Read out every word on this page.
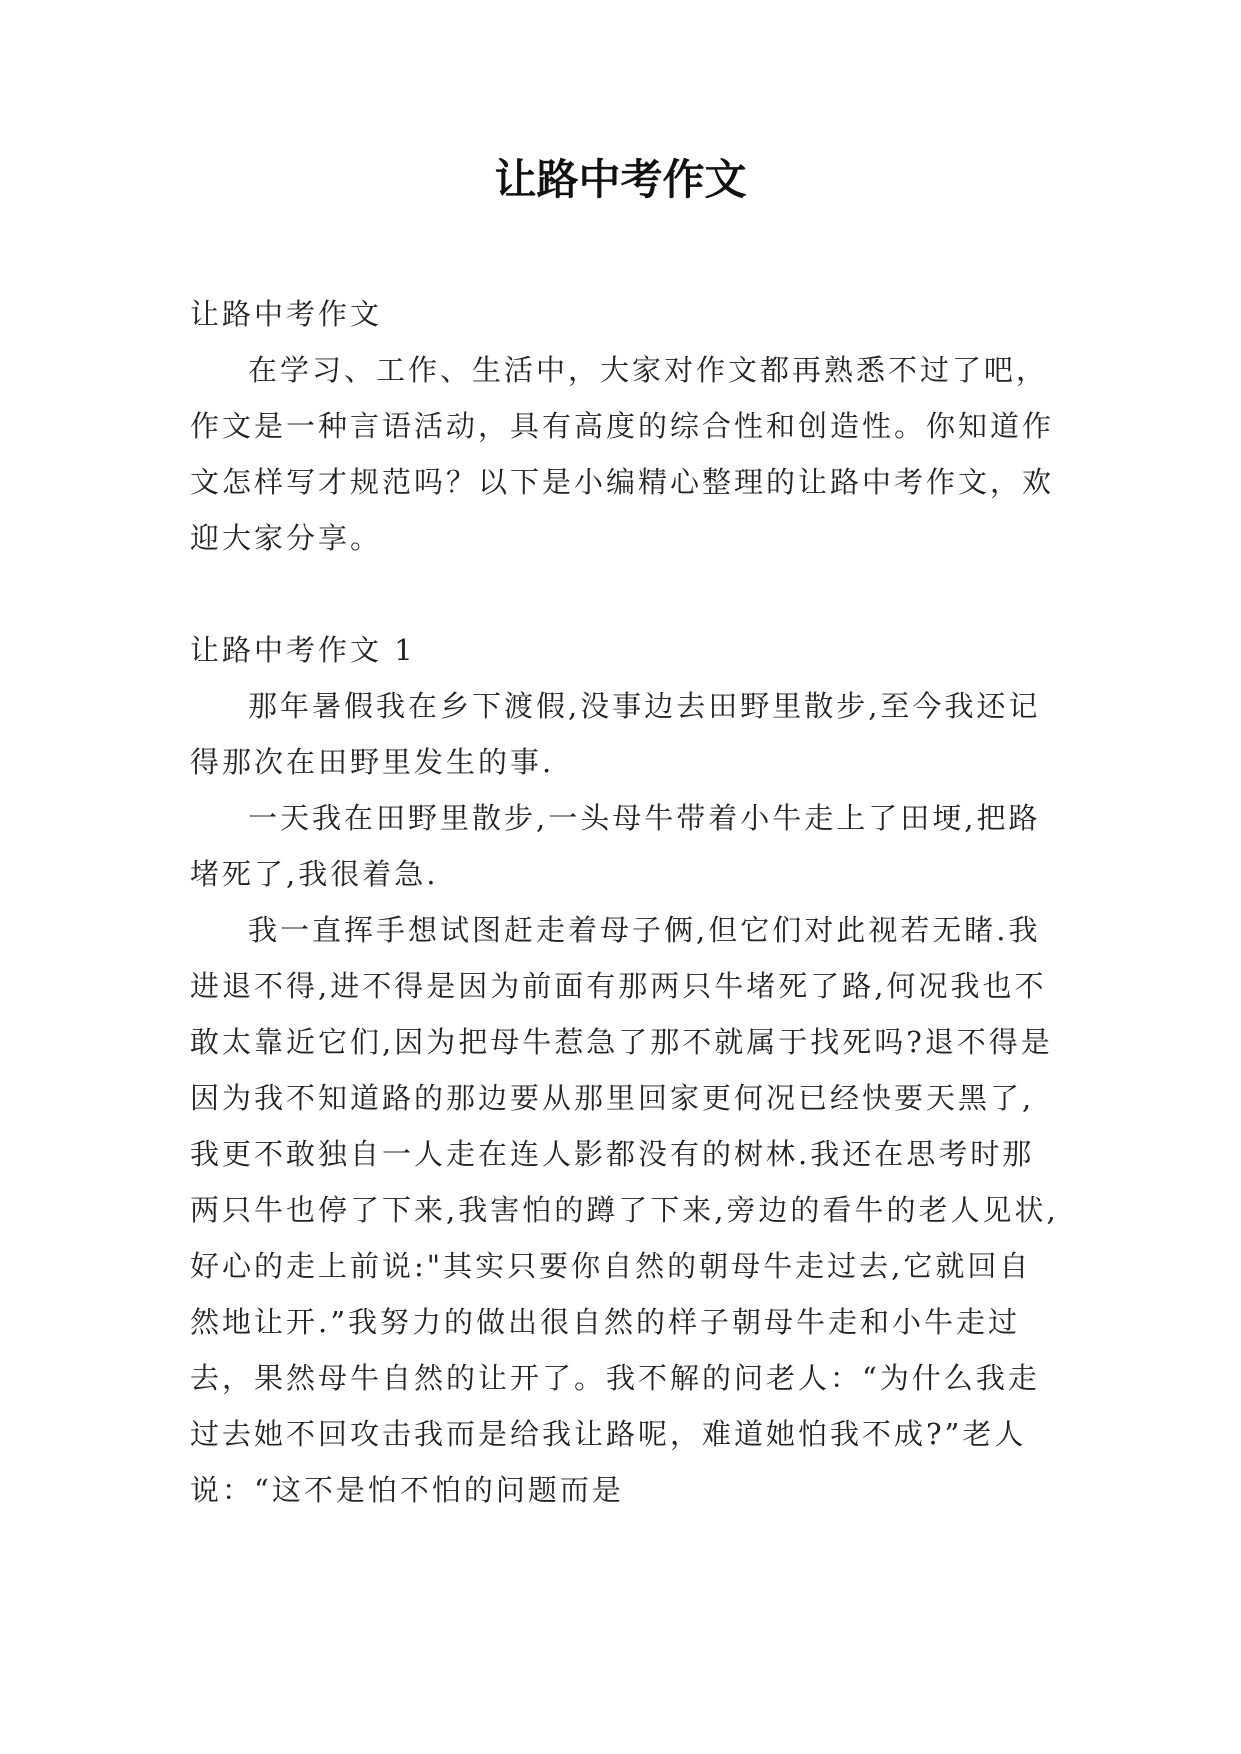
让路中考作文

让路中考作文

在学习、工作、生活中，大家对作文都再熟悉不过了吧，作文是一种言语活动，具有高度的综合性和创造性。你知道作文怎样写才规范吗？以下是小编精心整理的让路中考作文，欢迎大家分享。

让路中考作文 1

那年暑假我在乡下渡假,没事边去田野里散步,至今我还记得那次在田野里发生的事.

一天我在田野里散步,一头母牛带着小牛走上了田埂,把路堵死了,我很着急.

我一直挥手想试图赶走着母子俩,但它们对此视若无睹.我进退不得,进不得是因为前面有那两只牛堵死了路,何况我也不敢太靠近它们,因为把母牛惹急了那不就属于找死吗?退不得是因为我不知道路的那边要从那里回家更何况已经快要天黑了,我更不敢独自一人走在连人影都没有的树林.我还在思考时那两只牛也停了下来,我害怕的蹲了下来,旁边的看牛的老人见状,好心的走上前说:"其实只要你自然的朝母牛走过去,它就回自然地让开.”我努力的做出很自然的样子朝母牛走和小牛走过去，果然母牛自然的让开了。我不解的问老人：“为什么我走过去她不回攻击我而是给我让路呢，难道她怕我不成?”老人说：“这不是怕不怕的问题而是
